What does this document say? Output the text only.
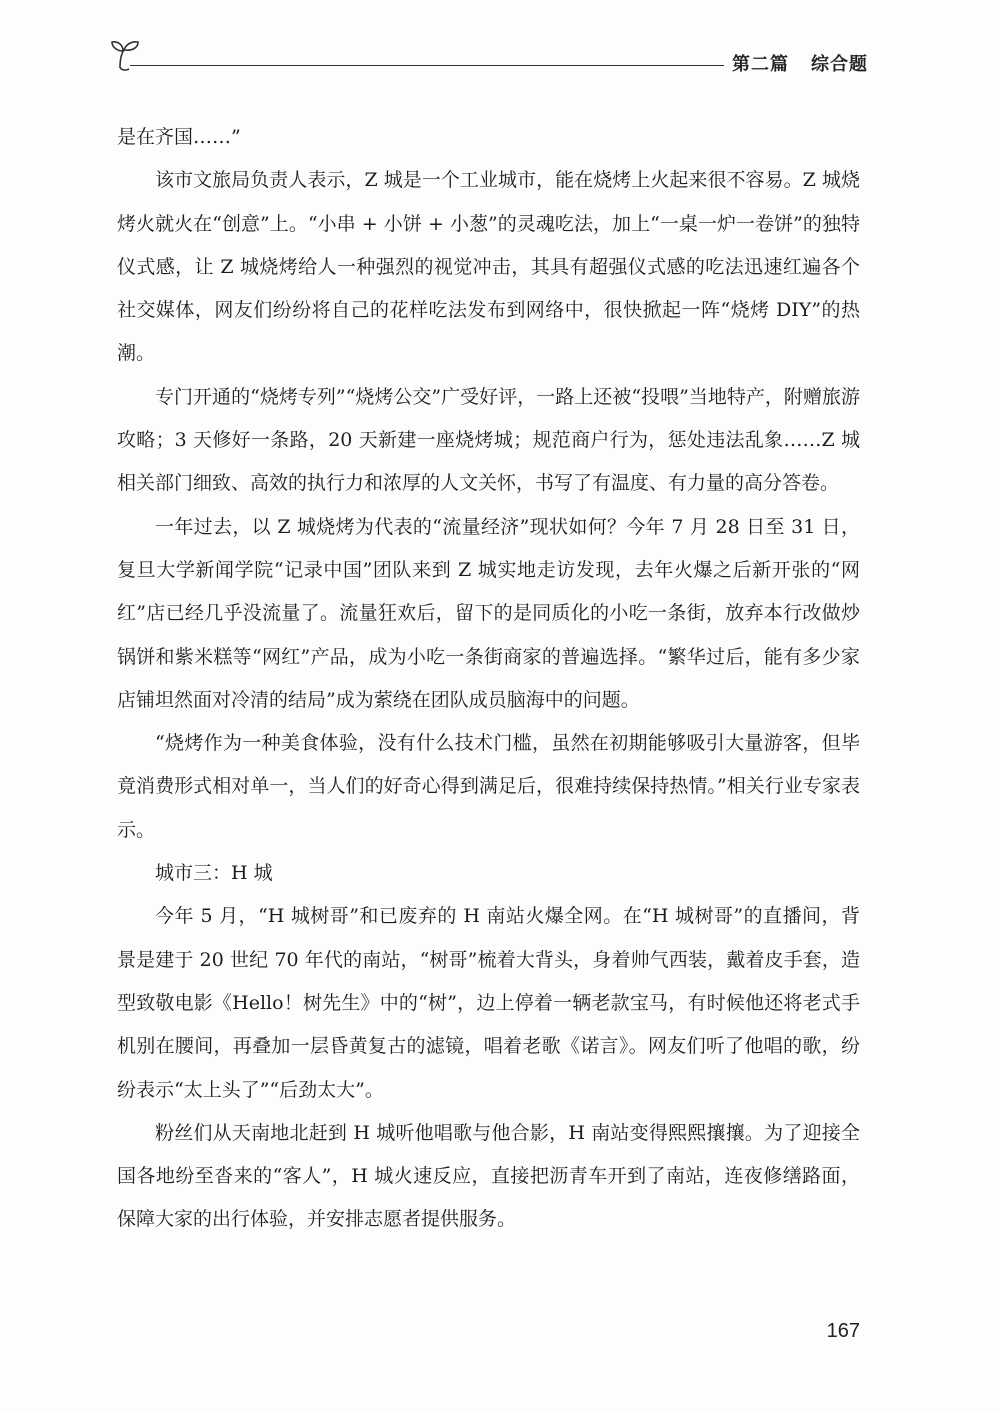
第二篇 综合题

是在齐国……”

该市文旅局负责人表示，Z 城是一个工业城市，能在烧烤上火起来很不容易。Z 城烧烤火就火在“创意”上。“小串 + 小饼 + 小葱”的灵魂吃法，加上“一桌一炉一卷饼”的独特仪式感，让 Z 城烧烤给人一种强烈的视觉冲击，其具有超强仪式感的吃法迅速红遍各个社交媒体，网友们纷纷将自己的花样吃法发布到网络中，很快掀起一阵“烧烤 DIY”的热潮。

专门开通的“烧烤专列”“烧烤公交”广受好评，一路上还被“投喂”当地特产，附赠旅游攻略；3 天修好一条路，20 天新建一座烧烤城；规范商户行为，惩处违法乱象……Z 城相关部门细致、高效的执行力和浓厚的人文关怀，书写了有温度、有力量的高分答卷。

一年过去，以 Z 城烧烤为代表的“流量经济”现状如何？今年 7 月 28 日至 31 日，复旦大学新闻学院“记录中国”团队来到 Z 城实地走访发现，去年火爆之后新开张的“网红”店已经几乎没流量了。流量狂欢后，留下的是同质化的小吃一条街，放弃本行改做炒锅饼和紫米糕等“网红”产品，成为小吃一条街商家的普遍选择。“繁华过后，能有多少家店铺坦然面对冷清的结局”成为萦绕在团队成员脑海中的问题。

“烧烤作为一种美食体验，没有什么技术门槛，虽然在初期能够吸引大量游客，但毕竟消费形式相对单一，当人们的好奇心得到满足后，很难持续保持热情。”相关行业专家表示。

城市三：H 城

今年 5 月，“H 城树哥”和已废弃的 H 南站火爆全网。在“H 城树哥”的直播间，背景是建于 20 世纪 70 年代的南站，“树哥”梳着大背头，身着帅气西装，戴着皮手套，造型致敬电影《Hello！树先生》中的“树”，边上停着一辆老款宝马，有时候他还将老式手机别在腰间，再叠加一层昏黄复古的滤镜，唱着老歌《诺言》。网友们听了他唱的歌，纷纷表示“太上头了”“后劲太大”。

粉丝们从天南地北赶到 H 城听他唱歌与他合影，H 南站变得熙熙攘攘。为了迎接全国各地纷至沓来的“客人”，H 城火速反应，直接把沥青车开到了南站，连夜修缮路面，保障大家的出行体验，并安排志愿者提供服务。

167
